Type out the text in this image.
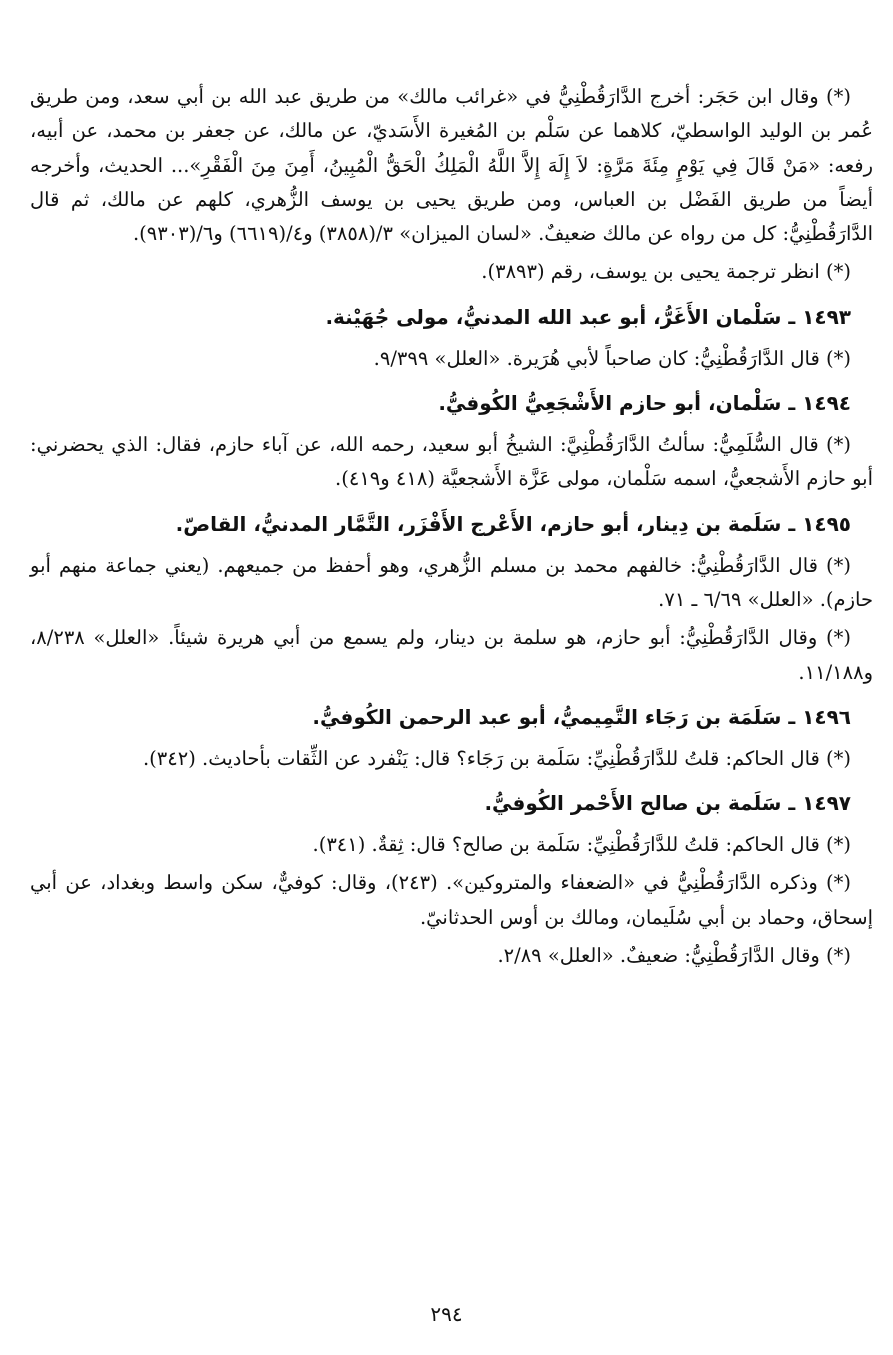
(*) وقال ابن حَجَر: أخرج الدَّارَقُطْنِيُّ في «غرائب مالك» من طريق عبد الله بن أبي سعد، ومن طريق عُمر بن الوليد الواسطيّ، كلاهما عن سَلْم بن المُغيرة الأَسَديّ، عن مالك، عن جعفر بن محمد، عن أبيه، رفعه: «مَنْ قَالَ فِي يَوْمٍ مِئَةَ مَرَّةٍ: لاَ إِلَهَ إِلاَّ اللَّهُ الْمَلِكُ الْحَقُّ الْمُبِينُ، أَمِنَ مِنَ الْفَقْرِ»... الحديث، وأخرجه أيضاً من طريق الفَضْل بن العباس، ومن طريق يحيى بن يوسف الزُّهري، كلهم عن مالك، ثم قال الدَّارَقُطْنِيُّ: كل من رواه عن مالك ضعيفٌ. «لسان الميزان» ٣/(٣٨٥٨) و٤/(٦٦١٩) و٦/(٩٣٠٣).

(*) انظر ترجمة يحيى بن يوسف، رقم (٣٨٩٣).

١٤٩٣ ـ سَلْمان الأَغَرُّ، أبو عبد الله المدنيُّ، مولى جُهَيْنة.

(*) قال الدَّارَقُطْنِيُّ: كان صاحباً لأبي هُرَيرة. «العلل» ٩/٣٩٩.

١٤٩٤ ـ سَلْمان، أبو حازم الأَشْجَعِيُّ الكُوفيُّ.

(*) قال السُّلَمِيُّ: سألتُ الدَّارَقُطْنِيَّ: الشيخُ أبو سعيد، رحمه الله، عن آباء حازم، فقال: الذي يحضرني: أبو حازم الأَشجعيُّ، اسمه سَلْمان، مولى عَزَّة الأَشجعيَّة (٤١٨ و٤١٩).

١٤٩٥ ـ سَلَمة بن دِينار، أبو حازم، الأَعْرج الأَفْزَر، التَّمَّار المدنيُّ، القاصّ.

(*) قال الدَّارَقُطْنِيُّ: خالفهم محمد بن مسلم الزُّهري، وهو أحفظ من جميعهم. (يعني جماعة منهم أبو حازم). «العلل» ٦/٦٩ ـ ٧١.

(*) وقال الدَّارَقُطْنِيُّ: أبو حازم، هو سلمة بن دينار، ولم يسمع من أبي هريرة شيئاً. «العلل» ٨/٢٣٨، و١١/١٨٨.

١٤٩٦ ـ سَلَمَة بن رَجَاء التَّمِيميُّ، أبو عبد الرحمن الكُوفيُّ.

(*) قال الحاكم: قلتُ للدَّارَقُطْنِيِّ: سَلَمة بن رَجَاء؟ قال: يَنْفرد عن الثِّقات بأحاديث. (٣٤٢).

١٤٩٧ ـ سَلَمة بن صالح الأَحْمر الكُوفيُّ.

(*) قال الحاكم: قلتُ للدَّارَقُطْنِيِّ: سَلَمة بن صالح؟ قال: ثِقةٌ. (٣٤١).

(*) وذكره الدَّارَقُطْنِيُّ في «الضعفاء والمتروكين». (٢٤٣)، وقال: كوفيٌّ، سكن واسط وبغداد، عن أبي إسحاق، وحماد بن أبي سُلَيمان، ومالك بن أوس الحدثانيّ.

(*) وقال الدَّارَقُطْنِيُّ: ضعيفٌ. «العلل» ٢/٨٩.

٢٩٤
